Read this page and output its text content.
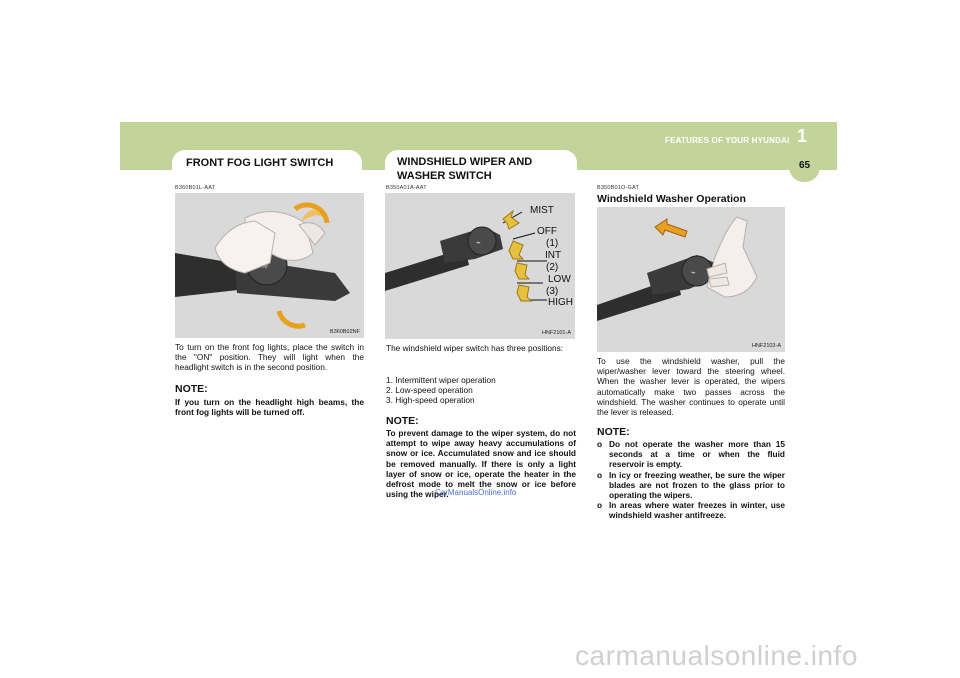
FEATURES OF YOUR HYUNDAI 1
65
FRONT FOG LIGHT SWITCH
B360B01L-AAT
☼
B360B02NF
To turn on the front fog lights, place the switch in the "ON" position. They will light when the headlight switch is in the second position.
NOTE:
If you turn on the headlight high beams, the front fog lights will be turned off.
WINDSHIELD WIPER AND WASHER SWITCH
B350A01A-AAT
⌁
MIST
OFF
(1)
INT
(2)
LOW
(3)
HIGH
HNF2101-A
The windshield wiper switch has three positions:
1. Intermittent wiper operation
2. Low-speed operation
3. High-speed operation
NOTE:
To prevent damage to the wiper system, do not attempt to wipe away heavy accumulations of snow or ice. Accumulated snow and ice should be removed manually. If there is only a light layer of snow or ice, operate the heater in the defrost mode to melt the snow or ice before using the wiper.
CarManualsOnline.info
B350B01O-GAT
Windshield Washer Operation
⌁
HNF2103-A
To use the windshield washer, pull the wiper/washer lever toward the steering wheel. When the washer lever is operated, the wipers automatically make two passes across the windshield. The washer continues to operate until the lever is released.
NOTE:
o Do not operate the washer more than 15 seconds at a time or when the fluid reservoir is empty.
o In icy or freezing weather, be sure the wiper blades are not frozen to the glass prior to operating the wipers.
o In areas where water freezes in winter, use windshield washer antifreeze.
carmanualsonline.info
